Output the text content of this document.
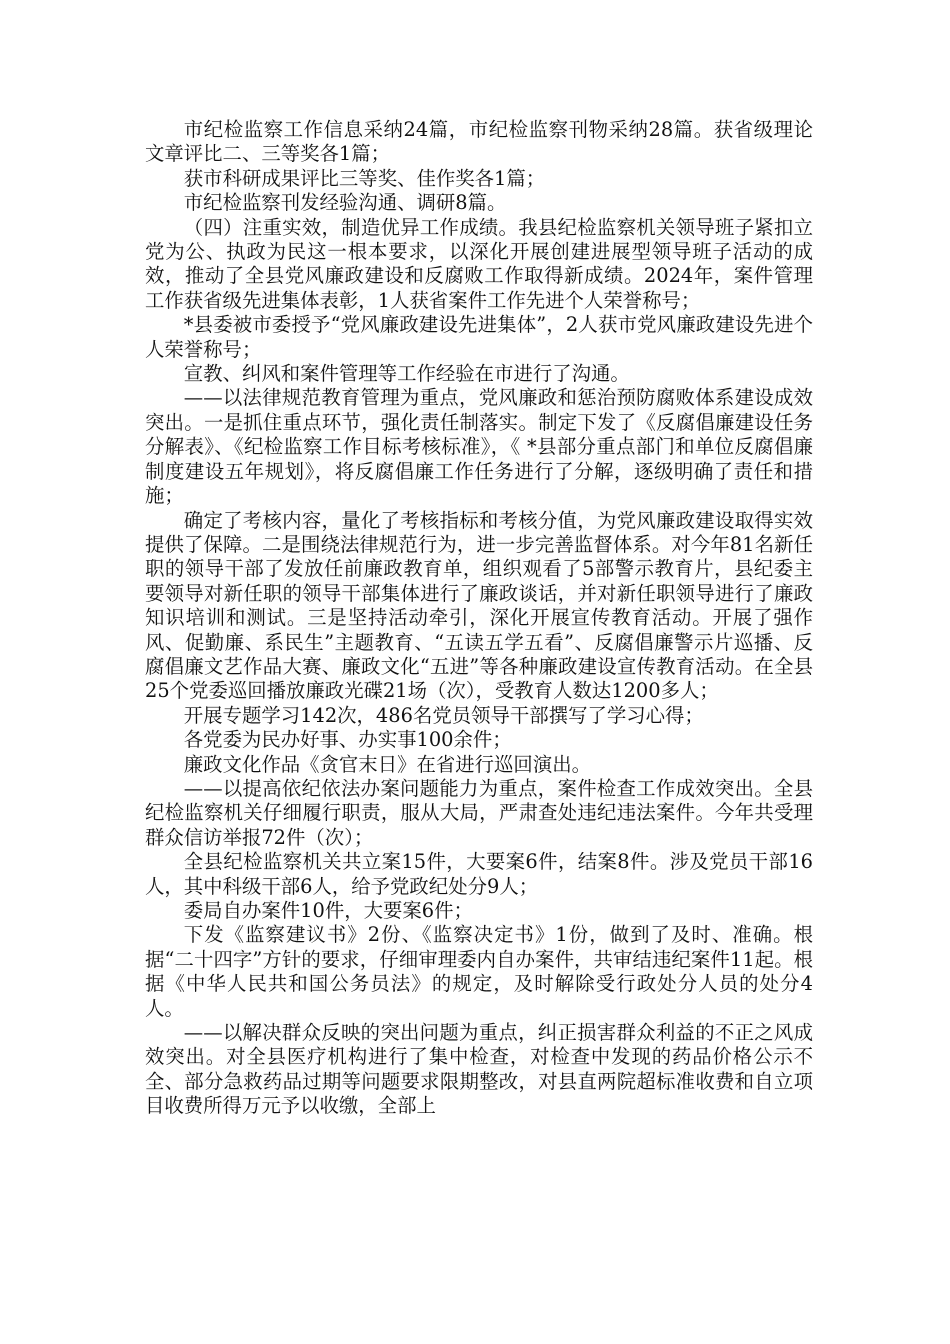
市纪检监察工作信息采纳24篇，市纪检监察刊物采纳28篇。获省级理论文章评比二、三等奖各1篇；

获市科研成果评比三等奖、佳作奖各1篇；

市纪检监察刊发经验沟通、调研8篇。

（四）注重实效，制造优异工作成绩。我县纪检监察机关领导班子紧扣立党为公、执政为民这一根本要求，以深化开展创建进展型领导班子活动的成效，推动了全县党风廉政建设和反腐败工作取得新成绩。2024年，案件管理工作获省级先进集体表彰，1人获省案件工作先进个人荣誉称号；

*县委被市委授予“党风廉政建设先进集体”，2人获市党风廉政建设先进个人荣誉称号；

宣教、纠风和案件管理等工作经验在市进行了沟通。

——以法律规范教育管理为重点，党风廉政和惩治预防腐败体系建设成效突出。一是抓住重点环节，强化责任制落实。制定下发了《反腐倡廉建设任务分解表》、《纪检监察工作目标考核标准》，《 *县部分重点部门和单位反腐倡廉制度建设五年规划》，将反腐倡廉工作任务进行了分解，逐级明确了责任和措施；

确定了考核内容，量化了考核指标和考核分值，为党风廉政建设取得实效提供了保障。二是围绕法律规范行为，进一步完善监督体系。对今年81名新任职的领导干部了发放任前廉政教育单，组织观看了5部警示教育片，县纪委主要领导对新任职的领导干部集体进行了廉政谈话，并对新任职领导进行了廉政知识培训和测试。三是坚持活动牵引，深化开展宣传教育活动。开展了强作风、促勤廉、系民生”主题教育、“五读五学五看”、反腐倡廉警示片巡播、反腐倡廉文艺作品大赛、廉政文化“五进”等各种廉政建设宣传教育活动。在全县25个党委巡回播放廉政光碟21场（次），受教育人数达1200多人；

开展专题学习142次，486名党员领导干部撰写了学习心得；

各党委为民办好事、办实事100余件；

廉政文化作品《贪官末日》在省进行巡回演出。

——以提高依纪依法办案问题能力为重点，案件检查工作成效突出。全县纪检监察机关仔细履行职责，服从大局，严肃查处违纪违法案件。今年共受理群众信访举报72件（次）；

全县纪检监察机关共立案15件，大要案6件，结案8件。涉及党员干部16人，其中科级干部6人，给予党政纪处分9人；

委局自办案件10件，大要案6件；

下发《监察建议书》2份、《监察决定书》1份，做到了及时、准确。根据“二十四字”方针的要求，仔细审理委内自办案件，共审结违纪案件11起。根据《中华人民共和国公务员法》的规定，及时解除受行政处分人员的处分4人。

——以解决群众反映的突出问题为重点，纠正损害群众利益的不正之风成效突出。对全县医疗机构进行了集中检查，对检查中发现的药品价格公示不全、部分急救药品过期等问题要求限期整改，对县直两院超标准收费和自立项目收费所得万元予以收缴，全部上
